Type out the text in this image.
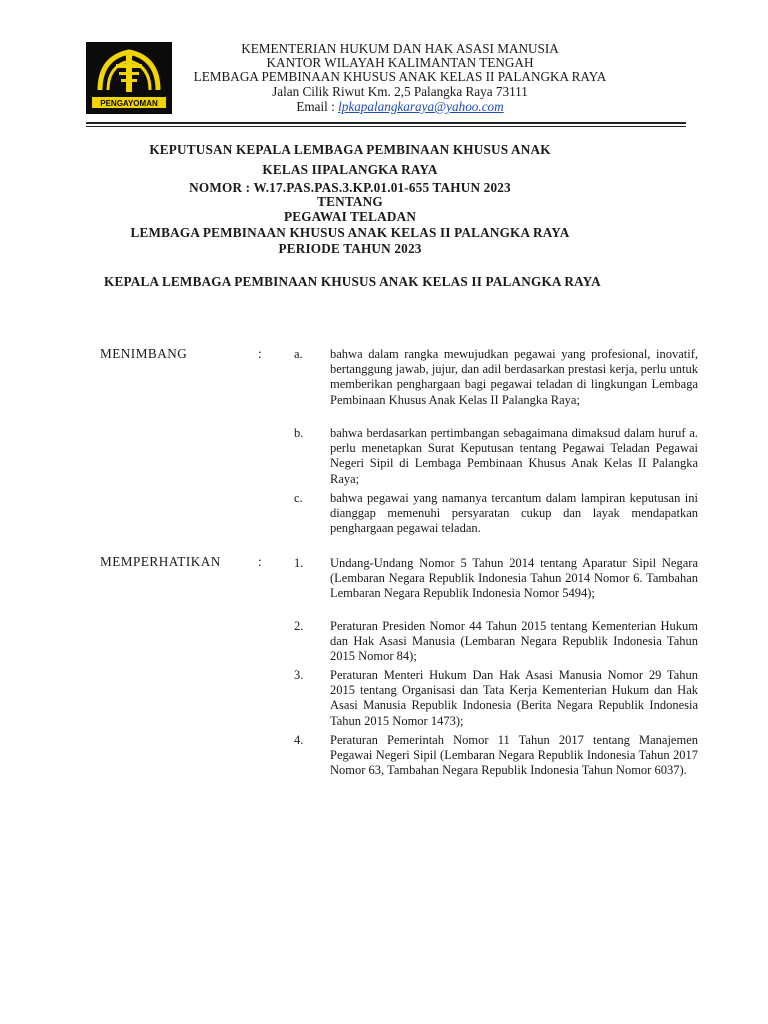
PENGAYOMAN
KEMENTERIAN HUKUM DAN HAK ASASI MANUSIA
KANTOR WILAYAH KALIMANTAN TENGAH
LEMBAGA PEMBINAAN KHUSUS ANAK KELAS II PALANGKA RAYA
Jalan Cilik Riwut Km. 2,5 Palangka Raya 73111
Email : lpkapalangkaraya@yahoo.com
KEPUTUSAN KEPALA LEMBAGA PEMBINAAN KHUSUS ANAK
KELAS IIPALANGKA RAYA
NOMOR : W.17.PAS.PAS.3.KP.01.01-655 TAHUN 2023
TENTANG
PEGAWAI TELADAN
LEMBAGA PEMBINAAN KHUSUS ANAK KELAS II PALANGKA RAYA
PERIODE TAHUN 2023
KEPALA LEMBAGA PEMBINAAN KHUSUS ANAK KELAS II PALANGKA RAYA
MENIMBANG	:	a. bahwa dalam rangka mewujudkan pegawai yang profesional, inovatif, bertanggung jawab, jujur, dan adil berdasarkan prestasi kerja, perlu untuk memberikan penghargaan bagi pegawai teladan di lingkungan Lembaga Pembinaan Khusus Anak Kelas II Palangka Raya;
b. bahwa berdasarkan pertimbangan sebagaimana dimaksud dalam huruf a. perlu menetapkan Surat Keputusan tentang Pegawai Teladan Pegawai Negeri Sipil di Lembaga Pembinaan Khusus Anak Kelas II Palangka Raya;
c. bahwa pegawai yang namanya tercantum dalam lampiran keputusan ini dianggap memenuhi persyaratan cukup dan layak mendapatkan penghargaan pegawai teladan.
MEMPERHATIKAN	:	1. Undang-Undang Nomor 5 Tahun 2014 tentang Aparatur Sipil Negara (Lembaran Negara Republik Indonesia Tahun 2014 Nomor 6. Tambahan Lembaran Negara Republik Indonesia Nomor 5494);
2. Peraturan Presiden Nomor 44 Tahun 2015 tentang Kementerian Hukum dan Hak Asasi Manusia (Lembaran Negara Republik Indonesia Tahun 2015 Nomor 84);
3. Peraturan Menteri Hukum Dan Hak Asasi Manusia Nomor 29 Tahun 2015 tentang Organisasi dan Tata Kerja Kementerian Hukum dan Hak Asasi Manusia Republik Indonesia (Berita Negara Republik Indonesia Tahun 2015 Nomor 1473);
4. Peraturan Pemerintah Nomor 11 Tahun 2017 tentang Manajemen Pegawai Negeri Sipil (Lembaran Negara Republik Indonesia Tahun 2017 Nomor 63, Tambahan Negara Republik Indonesia Tahun Nomor 6037).
